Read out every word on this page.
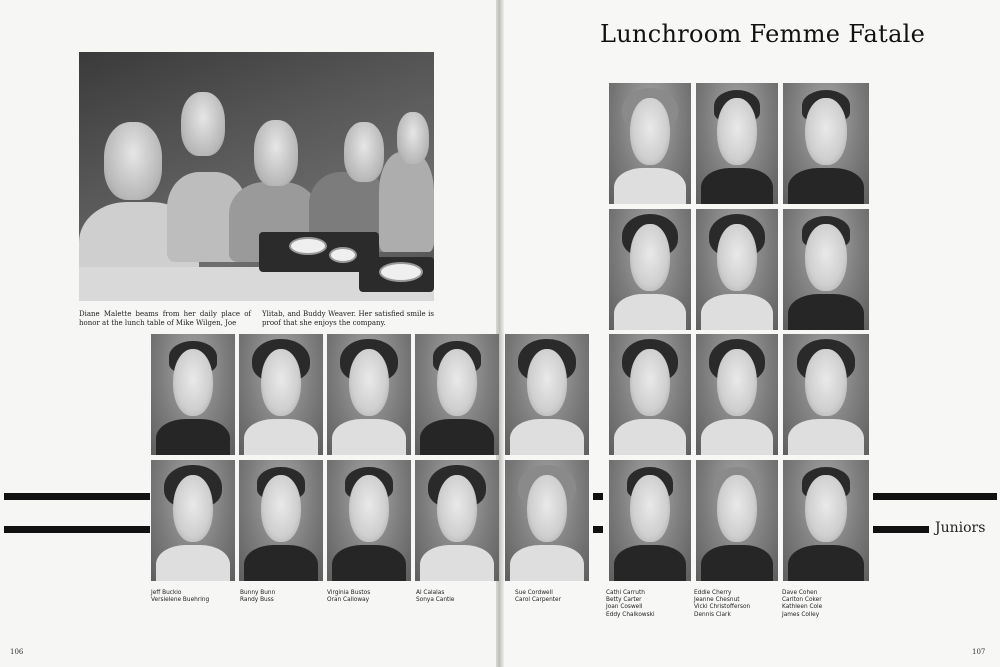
Diane Malette beams from her daily place of honor at the lunch table of Mike Wilgen, Joe

Ylitab, and Buddy Weaver. Her satisfied smile is proof that she enjoys the company.

Lunchroom Femme Fatale

Juniors

Jeff Buckio
Versielene Buehring
Bunny Bunn
Randy Buss
Virginia Bustos
Oran Calloway
Al Calalas
Sonya Cantle
Sue Cordwell
Carol Carpenter
Cathi Carruth
Betty Carter
Joan Coswell
Eddy Chalkowski
Eddie Cherry
Jeanne Chesnut
Vicki Christofferson
Dennis Clark
Dave Cohen
Carlton Coker
Kathleen Cole
James Colley
106	107
